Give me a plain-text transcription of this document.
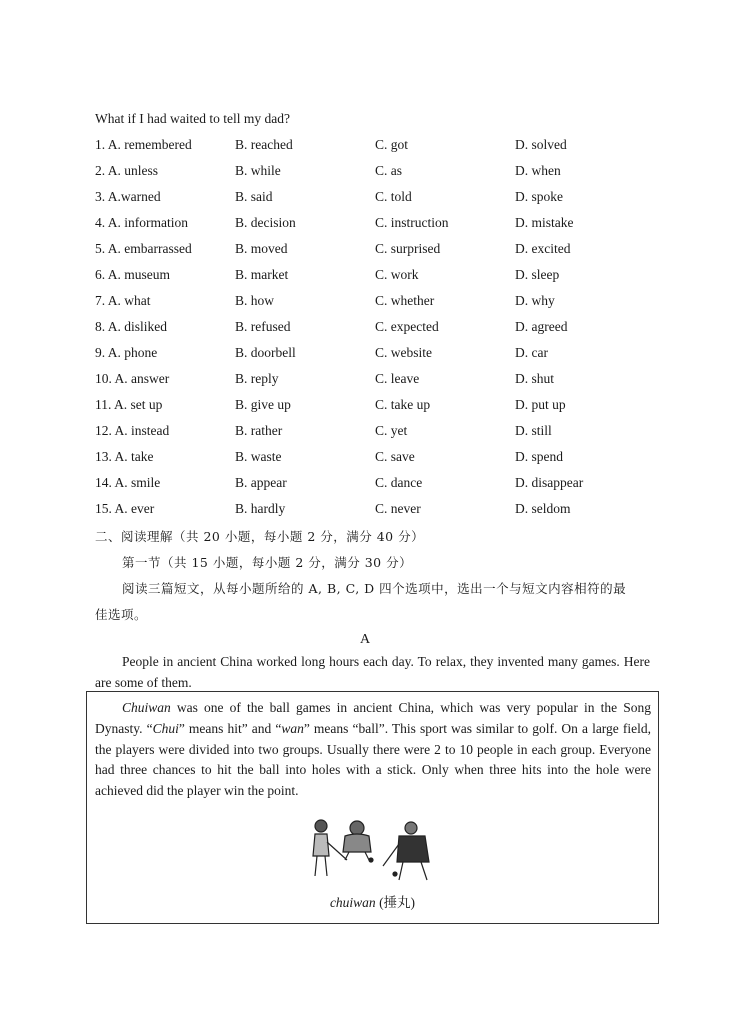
What if I had waited to tell my dad?
1. A. remembered	B. reached	C. got	D. solved
2. A. unless	B. while	C. as	D. when
3. A.warned	B. said	C. told	D. spoke
4. A. information	B. decision	C. instruction	D. mistake
5. A. embarrassed	B. moved	C. surprised	D. excited
6. A. museum	B. market	C. work	D. sleep
7. A. what	B. how	C. whether	D. why
8. A. disliked	B. refused	C. expected	D. agreed
9. A. phone	B. doorbell	C. website	D. car
10. A. answer	B. reply	C. leave	D. shut
11. A. set up	B. give up	C. take up	D. put up
12. A. instead	B. rather	C. yet	D. still
13. A. take	B. waste	C. save	D. spend
14. A. smile	B. appear	C. dance	D. disappear
15. A. ever	B. hardly	C. never	D. seldom
二、阅读理解（共 20 小题，每小题 2 分，满分 40 分）
第一节（共 15 小题，每小题 2 分，满分 30 分）
阅读三篇短文，从每小题所给的 A, B, C, D 四个选项中，选出一个与短文内容相符的最
佳选项。
A
People in ancient China worked long hours each day. To relax, they invented many games. Here are some of them.
Chuiwan was one of the ball games in ancient China, which was very popular in the Song Dynasty. “Chui” means hit” and “wan” means “ball”. This sport was similar to golf. On a large field, the players were divided into two groups. Usually there were 2 to 10 people in each group. Everyone had three chances to hit the ball into holes with a stick. Only when three hits into the hole were achieved did the player win the point.
chuiwan (捶丸)
